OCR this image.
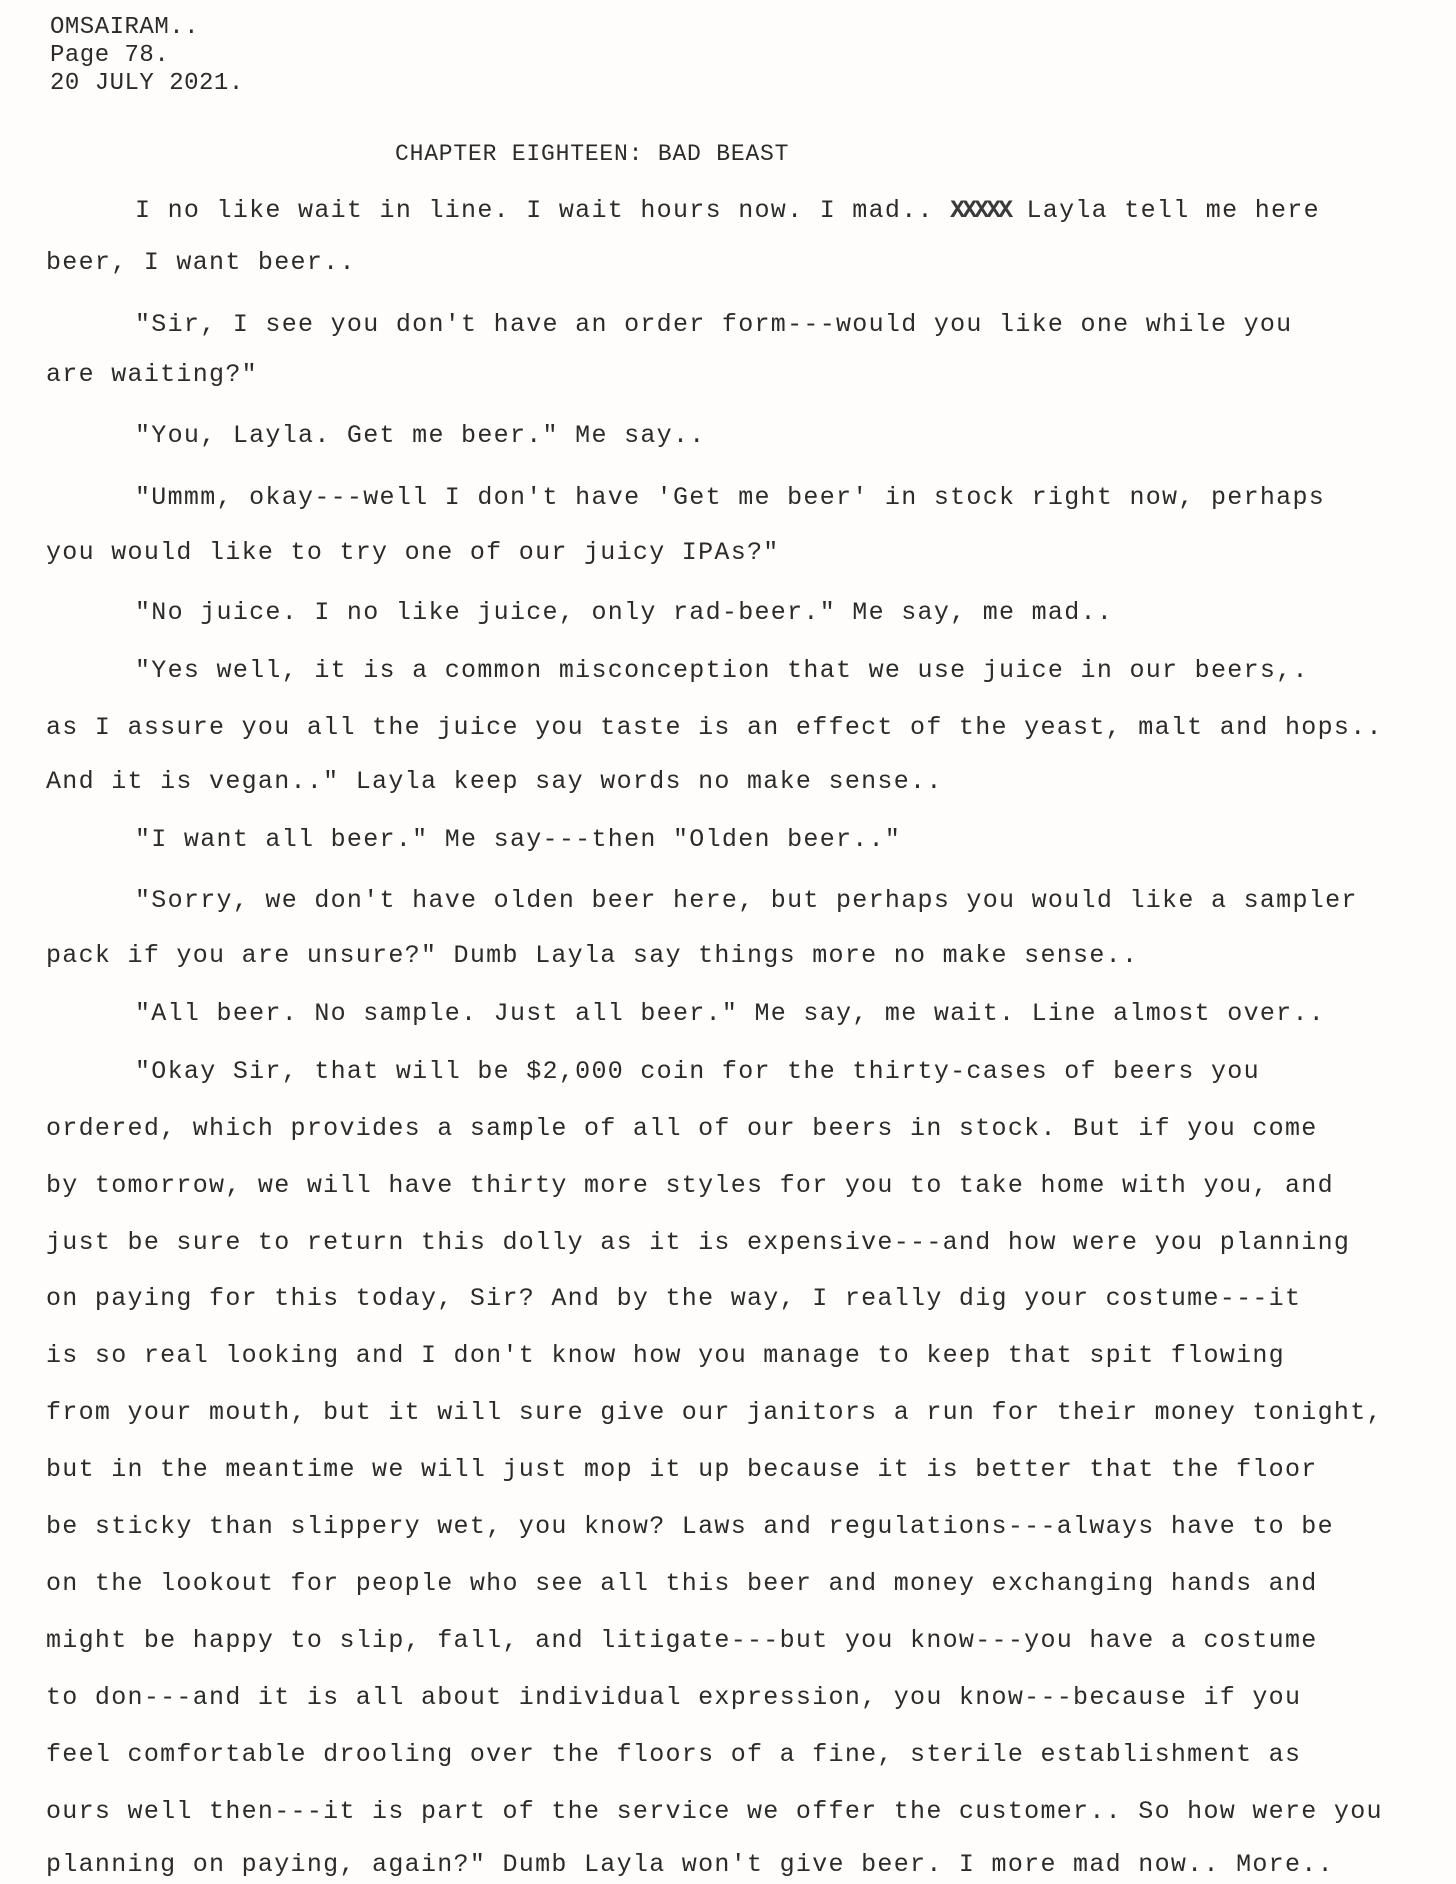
OMSAIRAM..
Page 78.
20 JULY 2021.
CHAPTER EIGHTEEN: BAD BEAST
I no like wait in line. I wait hours now. I mad.. XXXXX Layla tell me here
beer, I want beer..
"Sir, I see you don't have an order form---would you like one while you
are waiting?"
"You, Layla. Get me beer." Me say..
"Ummm, okay---well I don't have 'Get me beer' in stock right now, perhaps
you would like to try one of our juicy IPAs?"
"No juice. I no like juice, only rad-beer." Me say, me mad..
"Yes well, it is a common misconception that we use juice in our beers,.
as I assure you all the juice you taste is an effect of the yeast, malt and hops..
And it is vegan.." Layla keep say words no make sense..
"I want all beer." Me say---then "Olden beer.."
"Sorry, we don't have olden beer here, but perhaps you would like a sampler
pack if you are unsure?" Dumb Layla say things more no make sense..
"All beer. No sample. Just all beer." Me say, me wait. Line almost over..
"Okay Sir, that will be $2,000 coin for the thirty-cases of beers you
ordered, which provides a sample of all of our beers in stock. But if you come
by tomorrow, we will have thirty more styles for you to take home with you, and
just be sure to return this dolly as it is expensive---and how were you planning
on paying for this today, Sir? And by the way, I really dig your costume---it
is so real looking and I don't know how you manage to keep that spit flowing
from your mouth, but it will sure give our janitors a run for their money tonight,
but in the meantime we will just mop it up because it is better that the floor
be sticky than slippery wet, you know? Laws and regulations---always have to be
on the lookout for people who see all this beer and money exchanging hands and
might be happy to slip, fall, and litigate---but you know---you have a costume
to don---and it is all about individual expression, you know---because if you
feel comfortable drooling over the floors of a fine, sterile establishment as
ours well then---it is part of the service we offer the customer.. So how were you
planning on paying, again?" Dumb Layla won't give beer. I more mad now.. More..
